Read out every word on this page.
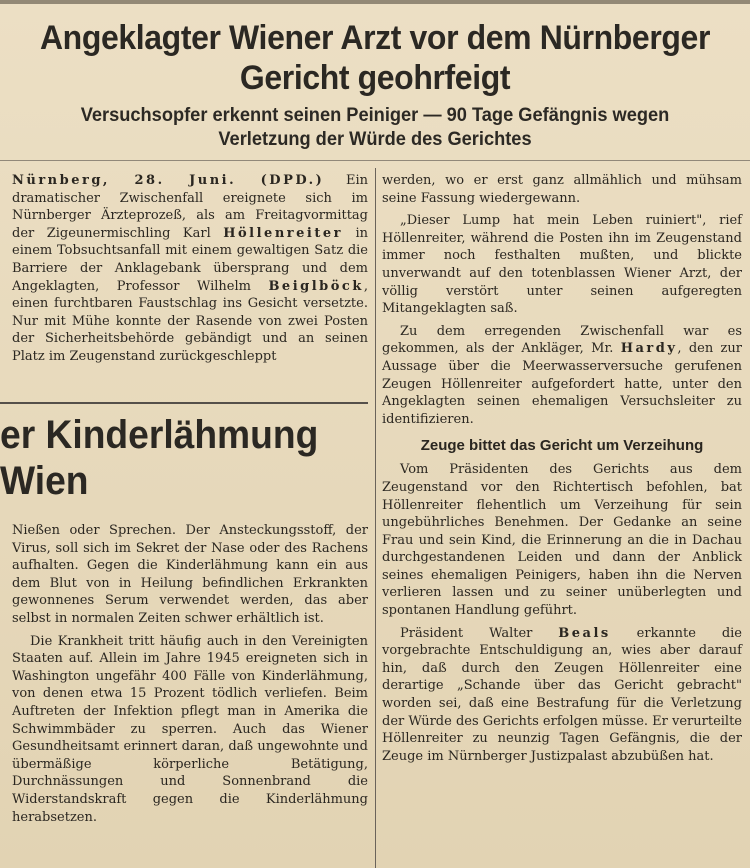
Angeklagter Wiener Arzt vor dem Nürnberger
Gericht geohrfeigt
Versuchsopfer erkennt seinen Peiniger — 90 Tage Gefängnis wegen
Verletzung der Würde des Gerichtes

Nürnberg, 28. Juni. (DPD.) Ein dramatischer Zwischenfall ereignete sich im Nürnberger Ärzteprozeß, als am Freitagvormittag der Zigeunermischling Karl Höllenreiter in einem Tobsuchtsanfall mit einem gewaltigen Satz die Barriere der Anklagebank übersprang und dem Angeklagten, Professor Wilhelm Beiglböck, einen furchtbaren Faustschlag ins Gesicht versetzte. Nur mit Mühe konnte der Rasende von zwei Posten der Sicherheitsbehörde gebändigt und an seinen Platz im Zeugenstand zurückgeschleppt

er Kinderlähmung
Wien

Nießen oder Sprechen. Der Ansteckungsstoff, der Virus, soll sich im Sekret der Nase oder des Rachens aufhalten. Gegen die Kinderlähmung kann ein aus dem Blut von in Heilung befindlichen Erkrankten gewonnenes Serum verwendet werden, das aber selbst in normalen Zeiten schwer erhältlich ist.

Die Krankheit tritt häufig auch in den Vereinigten Staaten auf. Allein im Jahre 1945 ereigneten sich in Washington ungefähr 400 Fälle von Kinderlähmung, von denen etwa 15 Prozent tödlich verliefen. Beim Auftreten der Infektion pflegt man in Amerika die Schwimmbäder zu sperren. Auch das Wiener Gesundheitsamt erinnert daran, daß ungewohnte und übermäßige körperliche Betätigung, Durchnässungen und Sonnenbrand die Widerstandskraft gegen die Kinderlähmung herabsetzen.

werden, wo er erst ganz allmählich und mühsam seine Fassung wiedergewann.

„Dieser Lump hat mein Leben ruiniert", rief Höllenreiter, während die Posten ihn im Zeugenstand immer noch festhalten mußten, und blickte unverwandt auf den totenblassen Wiener Arzt, der völlig verstört unter seinen aufgeregten Mitangeklagten saß.

Zu dem erregenden Zwischenfall war es gekommen, als der Ankläger, Mr. Hardy, den zur Aussage über die Meerwasserversuche gerufenen Zeugen Höllenreiter aufgefordert hatte, unter den Angeklagten seinen ehemaligen Versuchsleiter zu identifizieren.

Zeuge bittet das Gericht um Verzeihung

Vom Präsidenten des Gerichts aus dem Zeugenstand vor den Richtertisch befohlen, bat Höllenreiter flehentlich um Verzeihung für sein ungebührliches Benehmen. Der Gedanke an seine Frau und sein Kind, die Erinnerung an die in Dachau durchgestandenen Leiden und dann der Anblick seines ehemaligen Peinigers, haben ihn die Nerven verlieren lassen und zu seiner unüberlegten und spontanen Handlung geführt.

Präsident Walter Beals erkannte die vorgebrachte Entschuldigung an, wies aber darauf hin, daß durch den Zeugen Höllenreiter eine derartige „Schande über das Gericht gebracht" worden sei, daß eine Bestrafung für die Verletzung der Würde des Gerichts erfolgen müsse. Er verurteilte Höllenreiter zu neunzig Tagen Gefängnis, die der Zeuge im Nürnberger Justizpalast abzubüßen hat.
